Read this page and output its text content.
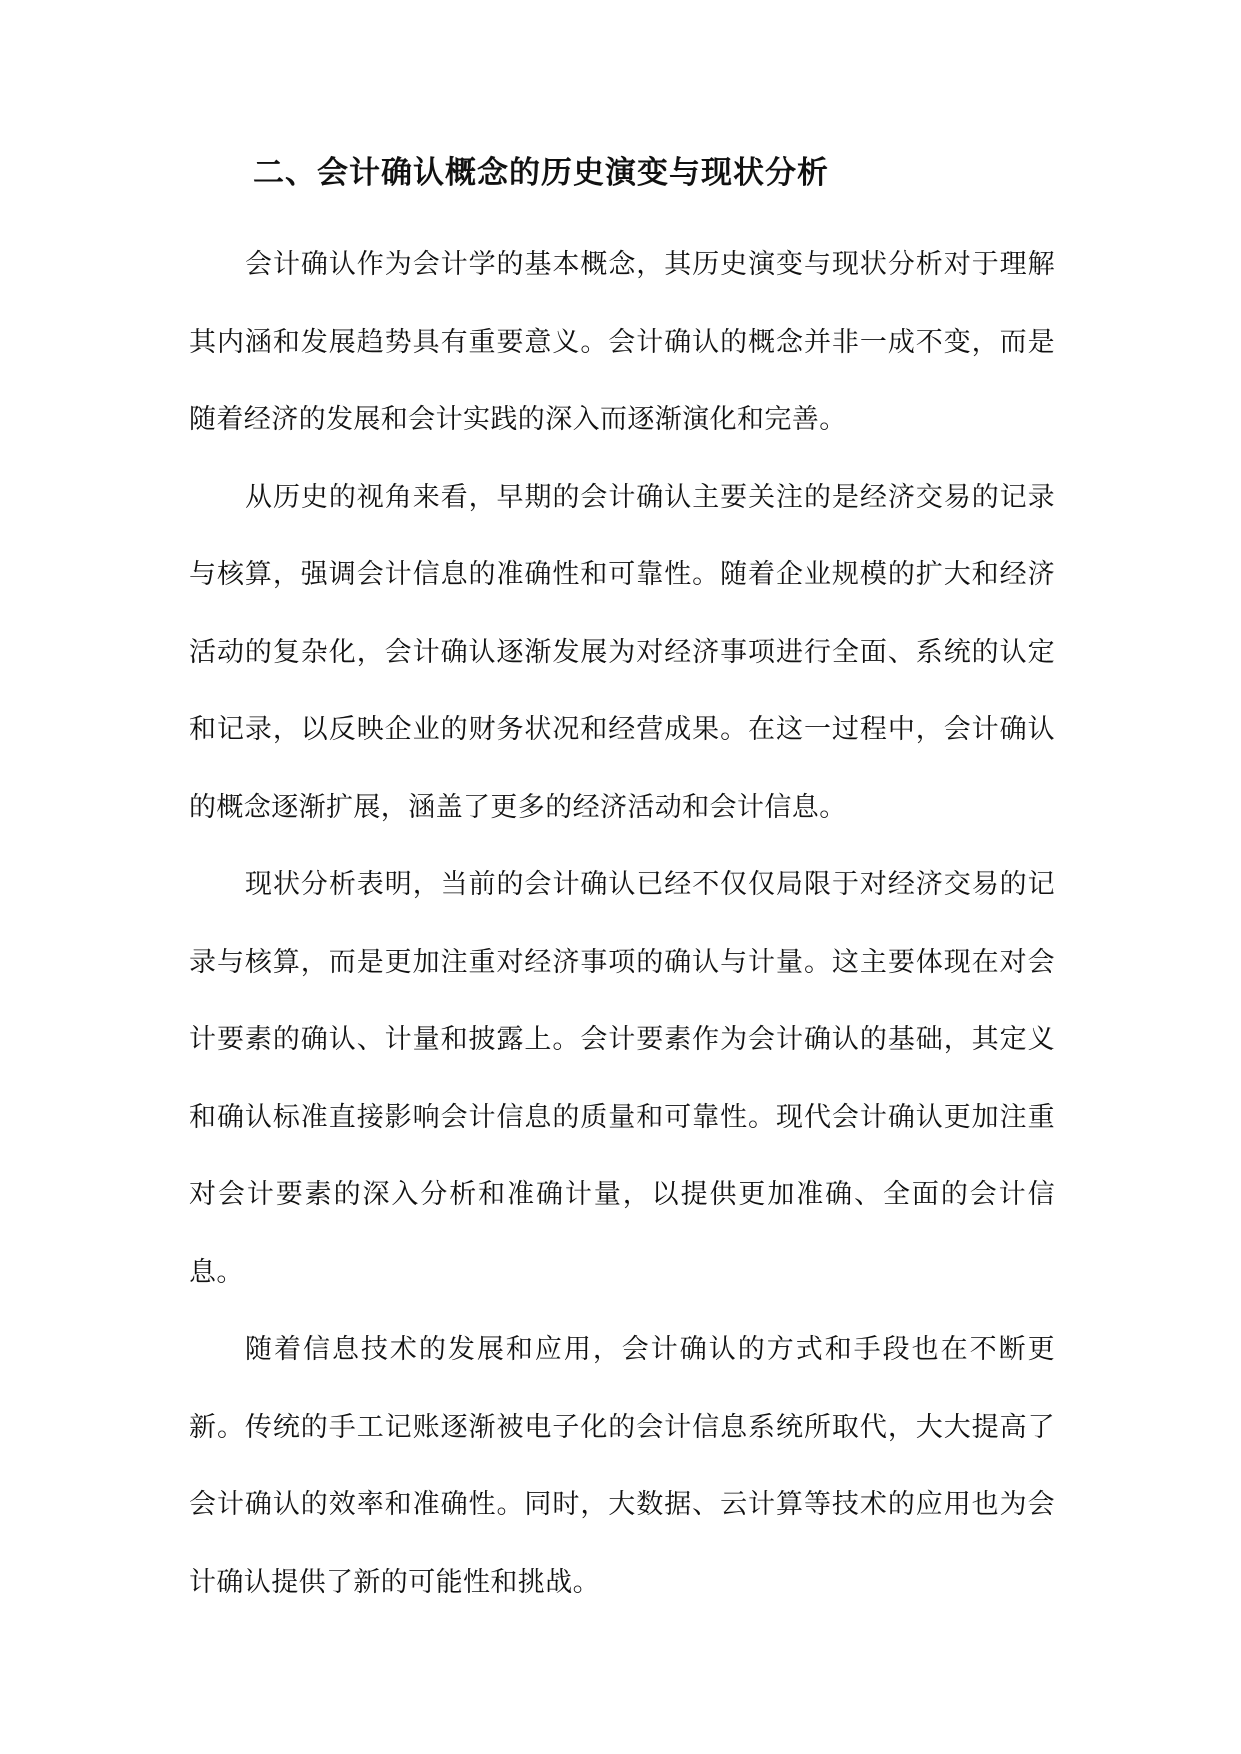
二、会计确认概念的历史演变与现状分析

会计确认作为会计学的基本概念，其历史演变与现状分析对于理解其内涵和发展趋势具有重要意义。会计确认的概念并非一成不变，而是随着经济的发展和会计实践的深入而逐渐演化和完善。

从历史的视角来看，早期的会计确认主要关注的是经济交易的记录与核算，强调会计信息的准确性和可靠性。随着企业规模的扩大和经济活动的复杂化，会计确认逐渐发展为对经济事项进行全面、系统的认定和记录，以反映企业的财务状况和经营成果。在这一过程中，会计确认的概念逐渐扩展，涵盖了更多的经济活动和会计信息。

现状分析表明，当前的会计确认已经不仅仅局限于对经济交易的记录与核算，而是更加注重对经济事项的确认与计量。这主要体现在对会计要素的确认、计量和披露上。会计要素作为会计确认的基础，其定义和确认标准直接影响会计信息的质量和可靠性。现代会计确认更加注重对会计要素的深入分析和准确计量，以提供更加准确、全面的会计信息。

随着信息技术的发展和应用，会计确认的方式和手段也在不断更新。传统的手工记账逐渐被电子化的会计信息系统所取代，大大提高了会计确认的效率和准确性。同时，大数据、云计算等技术的应用也为会计确认提供了新的可能性和挑战。
